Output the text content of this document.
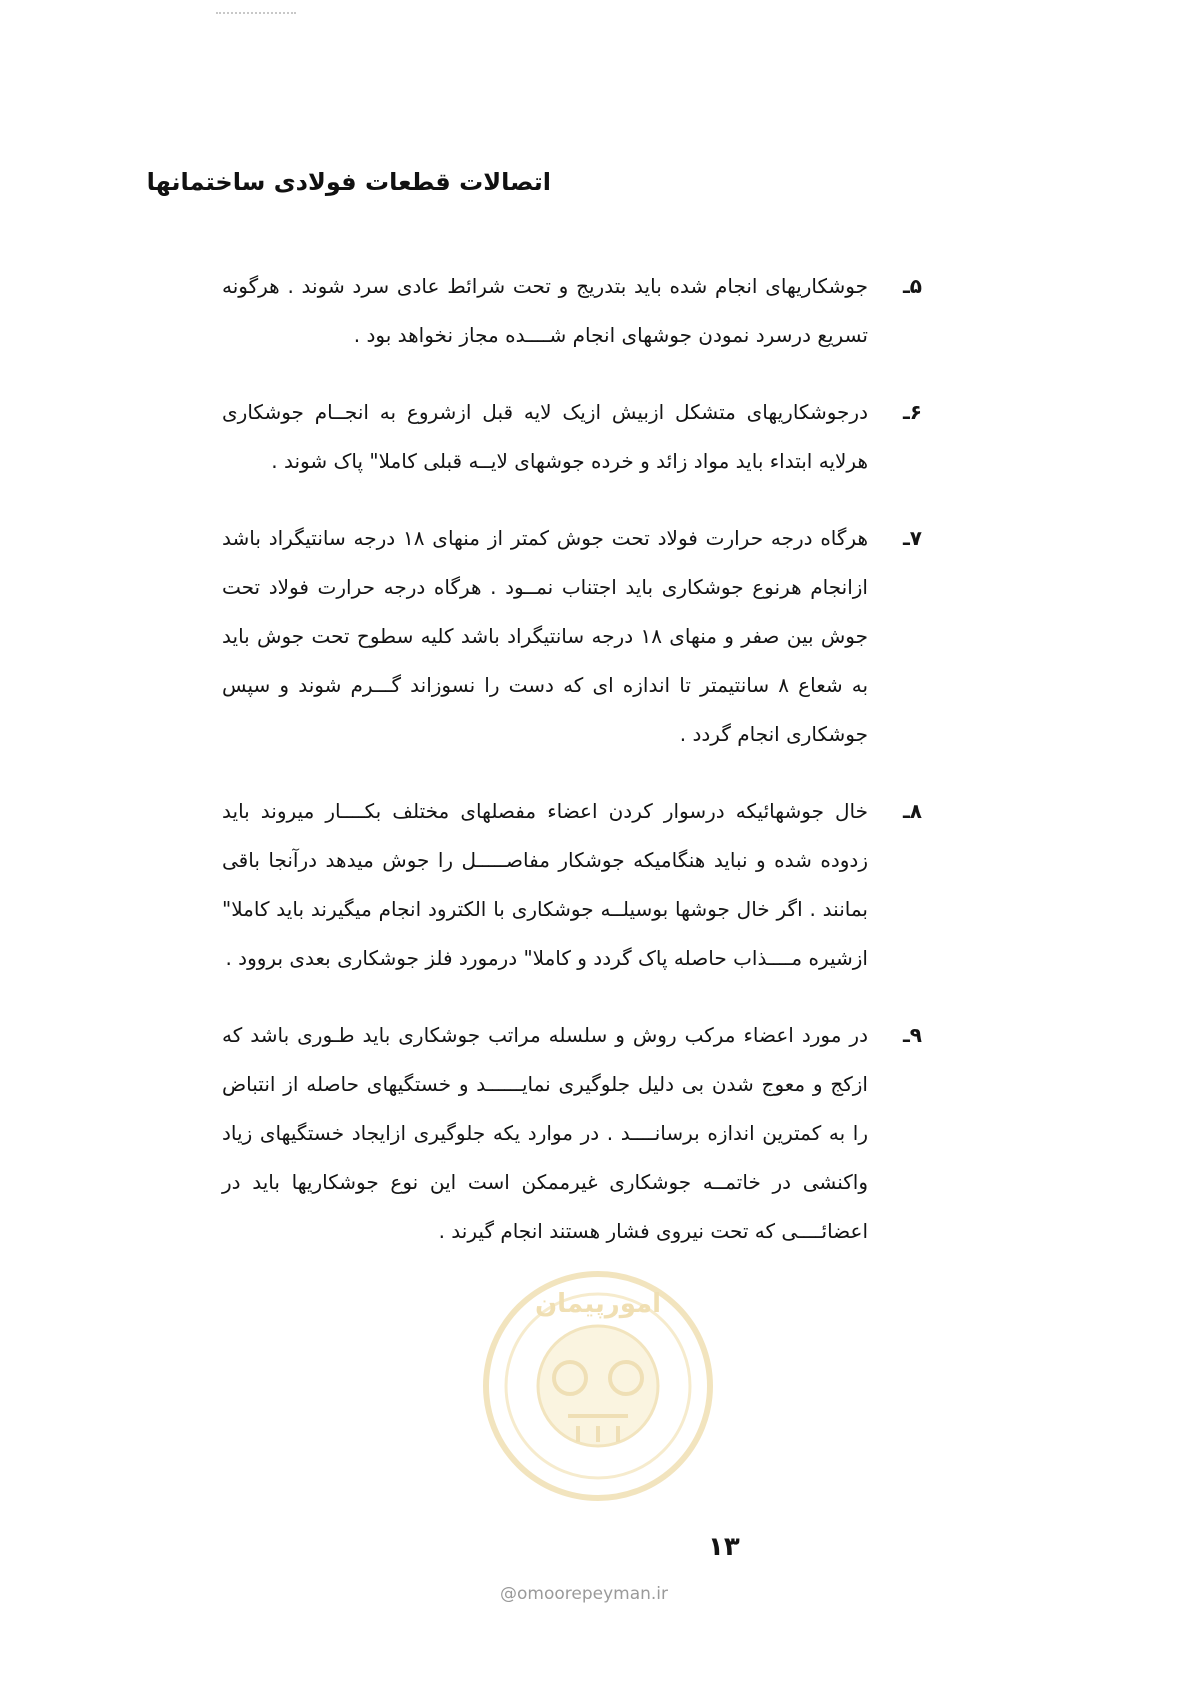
اتصالات قطعات فولادی ساختمانها
۵ـ
جوشکاریهای انجام شده باید بتدریج و تحت شرائط عادی سرد شوند . هرگونه تسریع درسرد نمودن جوشهای انجام شــــده مجاز نخواهد بود .
۶ـ
درجوشکاریهای متشکل ازبیش ازیک لایه قبل ازشروع به انجــام جوشکاری هرلایه ابتداء باید مواد زائد و خرده جوشهای لایــه قبلی کاملا" پاک شوند .
۷ـ
هرگاه درجه حرارت فولاد تحت جوش کمتر از منهای ۱۸ درجه سانتیگراد باشد ازانجام هرنوع جوشکاری باید اجتناب نمــود . هرگاه درجه حرارت فولاد تحت جوش بین صفر و منهای ۱۸ درجه سانتیگراد باشد کلیه سطوح تحت جوش باید به شعاع ۸ سانتیمتر تا اندازه ای که دست را نسوزاند گـــرم شوند و سپس جوشکاری انجام گردد .
۸ـ
خال جوشهائیکه درسوار کردن اعضاء مفصلهای مختلف بکــــار میروند باید زدوده شده و نباید هنگامیکه جوشکار مفاصـــــل را جوش میدهد درآنجا باقی بمانند . اگر خال جوشها بوسیلــه جوشکاری با الکترود انجام میگیرند باید کاملا" ازشیره مــــذاب حاصله پاک گردد و کاملا" درمورد فلز جوشکاری بعدی بروود .
۹ـ
در مورد اعضاء مرکب روش و سلسله مراتب جوشکاری باید طـوری باشد که ازکج و معوج شدن بی دلیل جلوگیری نمایــــــد و خستگیهای حاصله از انتباض را به کمترین اندازه برسانــــد . در موارد یکه جلوگیری ازایجاد خستگیهای زیاد واکنشی در خاتمــه جوشکاری غیرممکن است این نوع جوشکاریها باید در اعضائــــی که تحت نیروی فشار هستند انجام گیرند .
امورپیمان
۱۳
@omoorepeyman.ir
